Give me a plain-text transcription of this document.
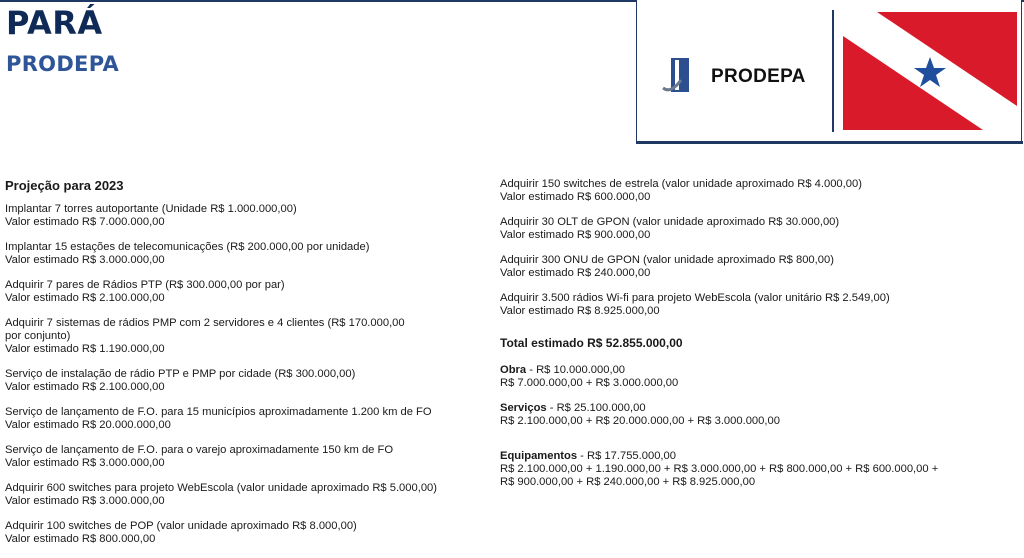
PARÁ
PRODEPA
PRODEPA
Projeção para 2023
Implantar 7 torres autoportante (Unidade R$ 1.000.000,00)
Valor estimado R$ 7.000.000,00
Implantar 15 estações de telecomunicações (R$ 200.000,00 por unidade)
Valor estimado R$ 3.000.000,00
Adquirir 7 pares de Rádios PTP (R$ 300.000,00 por par)
Valor estimado R$ 2.100.000,00
Adquirir 7 sistemas de rádios PMP com 2 servidores e 4 clientes (R$ 170.000,00
por conjunto)
Valor estimado R$ 1.190.000,00
Serviço de instalação de rádio PTP e PMP por cidade (R$ 300.000,00)
Valor estimado R$ 2.100.000,00
Serviço de lançamento de F.O. para 15 municípios aproximadamente 1.200 km de FO
Valor estimado R$ 20.000.000,00
Serviço de lançamento de F.O. para o varejo aproximadamente 150 km de FO
Valor estimado R$ 3.000.000,00
Adquirir 600 switches para projeto WebEscola (valor unidade aproximado R$ 5.000,00)
Valor estimado R$ 3.000.000,00
Adquirir 100 switches de POP (valor unidade aproximado R$ 8.000,00)
Valor estimado R$ 800.000,00
Adquirir 150 switches de estrela (valor unidade aproximado R$ 4.000,00)
Valor estimado R$ 600.000,00
Adquirir 30 OLT de GPON (valor unidade aproximado R$ 30.000,00)
Valor estimado R$ 900.000,00
Adquirir 300 ONU de GPON (valor unidade aproximado R$ 800,00)
Valor estimado R$ 240.000,00
Adquirir 3.500 rádios Wi-fi para projeto WebEscola (valor unitário R$ 2.549,00)
Valor estimado R$ 8.925.000,00
Total estimado R$ 52.855.000,00
Obra - R$ 10.000.000,00
R$ 7.000.000,00 + R$ 3.000.000,00
Serviços - R$ 25.100.000,00
R$ 2.100.000,00 + R$ 20.000.000,00 + R$ 3.000.000,00
Equipamentos - R$ 17.755.000,00
R$ 2.100.000,00 + 1.190.000,00 + R$ 3.000.000,00 + R$ 800.000,00 + R$ 600.000,00 +
R$ 900.000,00 + R$ 240.000,00 + R$ 8.925.000,00
